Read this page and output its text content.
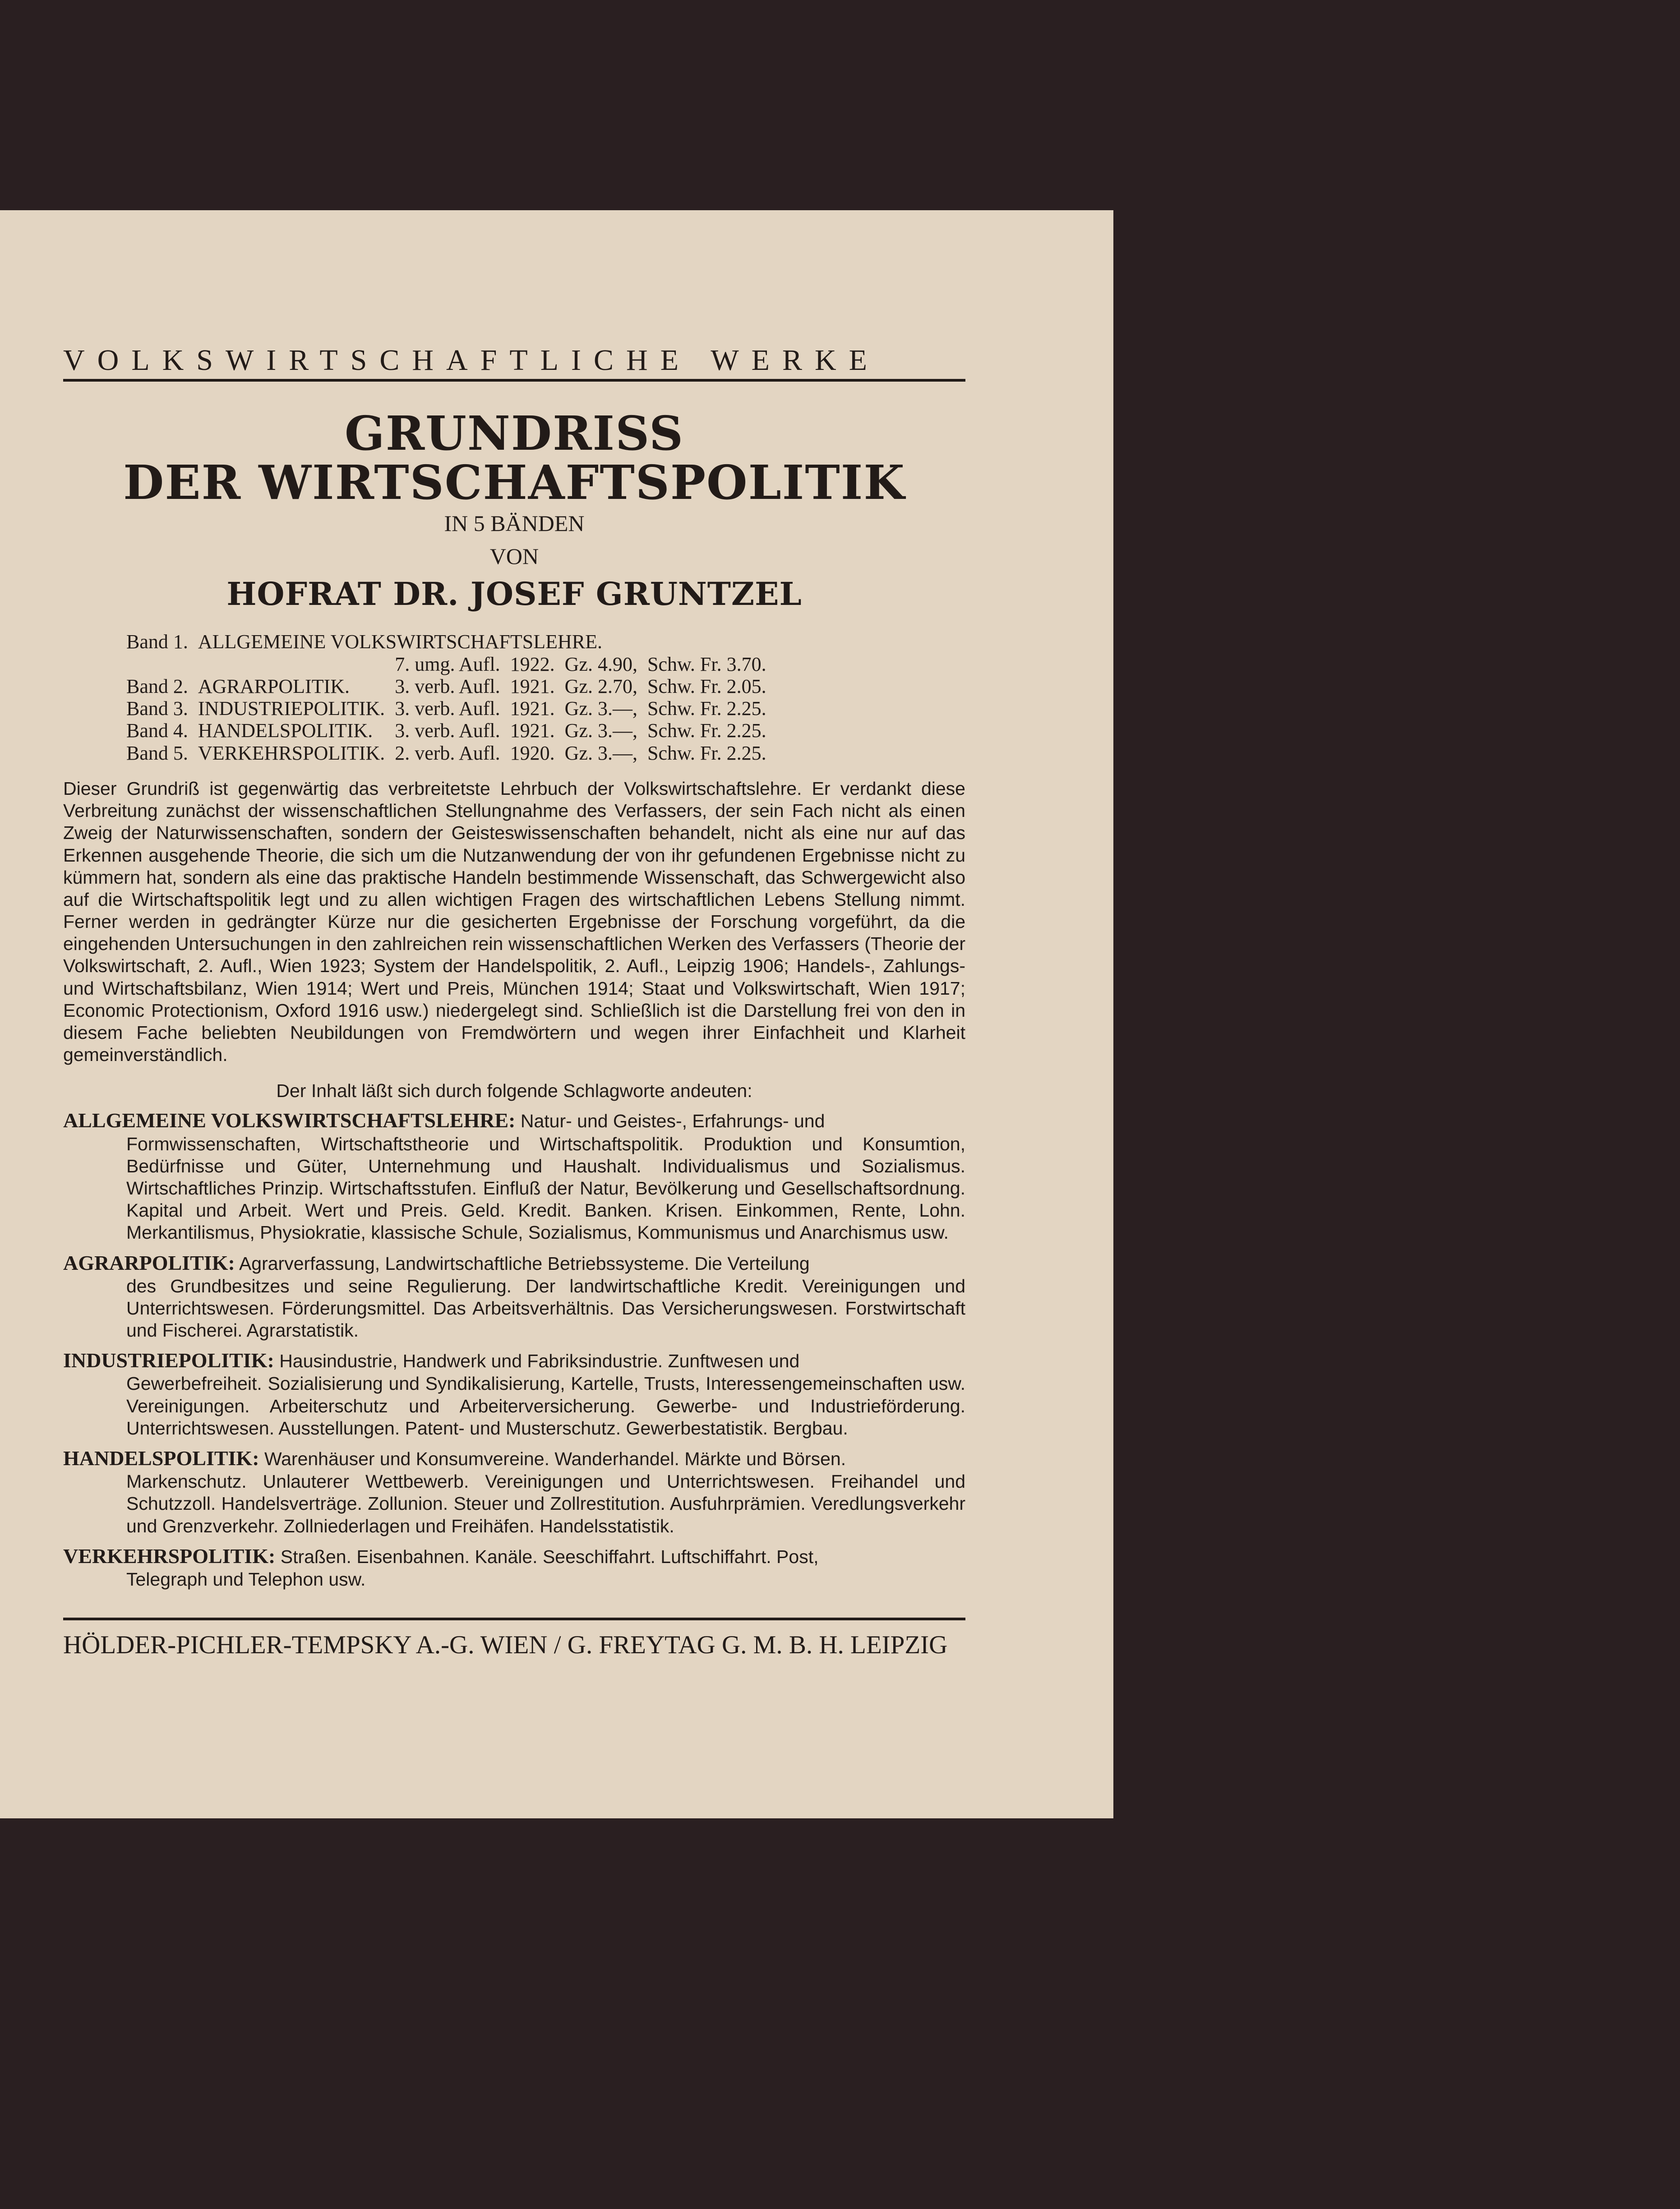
VOLKSWIRTSCHAFTLICHE WERKE
GRUNDRISS
DER WIRTSCHAFTSPOLITIK
IN 5 BÄNDEN
VON
HOFRAT DR. JOSEF GRUNTZEL
Band 1.	ALLGEMEINE VOLKSWIRTSCHAFTSLEHRE.				
		7. umg. Aufl.	1922.	Gz. 4.90,	Schw. Fr. 3.70.
Band 2.	AGRARPOLITIK.	3. verb. Aufl.	1921.	Gz. 2.70,	Schw. Fr. 2.05.
Band 3.	INDUSTRIEPOLITIK.	3. verb. Aufl.	1921.	Gz. 3.—,	Schw. Fr. 2.25.
Band 4.	HANDELSPOLITIK.	3. verb. Aufl.	1921.	Gz. 3.—,	Schw. Fr. 2.25.
Band 5.	VERKEHRSPOLITIK.	2. verb. Aufl.	1920.	Gz. 3.—,	Schw. Fr. 2.25.
Dieser Grundriß ist gegenwärtig das verbreitetste Lehrbuch der Volkswirtschaftslehre. Er verdankt diese Verbreitung zunächst der wissenschaftlichen Stellungnahme des Verfassers, der sein Fach nicht als einen Zweig der Naturwissenschaften, sondern der Geisteswissenschaften behandelt, nicht als eine nur auf das Erkennen ausgehende Theorie, die sich um die Nutzanwendung der von ihr gefundenen Ergebnisse nicht zu kümmern hat, sondern als eine das praktische Handeln bestimmende Wissenschaft, das Schwergewicht also auf die Wirtschaftspolitik legt und zu allen wichtigen Fragen des wirtschaftlichen Lebens Stellung nimmt. Ferner werden in gedrängter Kürze nur die gesicherten Ergebnisse der Forschung vorgeführt, da die eingehenden Untersuchungen in den zahlreichen rein wissenschaftlichen Werken des Verfassers (Theorie der Volkswirtschaft, 2. Aufl., Wien 1923; System der Handelspolitik, 2. Aufl., Leipzig 1906; Handels-, Zahlungs- und Wirtschaftsbilanz, Wien 1914; Wert und Preis, München 1914; Staat und Volkswirtschaft, Wien 1917; Economic Protectionism, Oxford 1916 usw.) niedergelegt sind. Schließlich ist die Darstellung frei von den in diesem Fache beliebten Neubildungen von Fremdwörtern und wegen ihrer Einfachheit und Klarheit gemeinverständlich.
Der Inhalt läßt sich durch folgende Schlagworte andeuten:
ALLGEMEINE VOLKSWIRTSCHAFTSLEHRE: Natur- und Geistes-, Erfahrungs- und
Formwissenschaften, Wirtschaftstheorie und Wirtschaftspolitik. Produktion und Konsumtion, Bedürfnisse und Güter, Unternehmung und Haushalt. Individualismus und Sozialismus. Wirtschaftliches Prinzip. Wirtschaftsstufen. Einfluß der Natur, Bevölkerung und Gesellschaftsordnung. Kapital und Arbeit. Wert und Preis. Geld. Kredit. Banken. Krisen. Einkommen, Rente, Lohn. Merkantilismus, Physiokratie, klassische Schule, Sozialismus, Kommunismus und Anarchismus usw.
AGRARPOLITIK: Agrarverfassung, Landwirtschaftliche Betriebssysteme. Die Verteilung
des Grundbesitzes und seine Regulierung. Der landwirtschaftliche Kredit. Vereinigungen und Unterrichtswesen. Förderungsmittel. Das Arbeitsverhältnis. Das Versicherungswesen. Forstwirtschaft und Fischerei. Agrarstatistik.
INDUSTRIEPOLITIK: Hausindustrie, Handwerk und Fabriksindustrie. Zunftwesen und
Gewerbefreiheit. Sozialisierung und Syndikalisierung, Kartelle, Trusts, Interessengemeinschaften usw. Vereinigungen. Arbeiterschutz und Arbeiterversicherung. Gewerbe- und Industrieförderung. Unterrichtswesen. Ausstellungen. Patent- und Musterschutz. Gewerbestatistik. Bergbau.
HANDELSPOLITIK: Warenhäuser und Konsumvereine. Wanderhandel. Märkte und Börsen.
Markenschutz. Unlauterer Wettbewerb. Vereinigungen und Unterrichtswesen. Freihandel und Schutzzoll. Handelsverträge. Zollunion. Steuer und Zollrestitution. Ausfuhrprämien. Veredlungsverkehr und Grenzverkehr. Zollniederlagen und Freihäfen. Handelsstatistik.
VERKEHRSPOLITIK: Straßen. Eisenbahnen. Kanäle. Seeschiffahrt. Luftschiffahrt. Post,
Telegraph und Telephon usw.
HÖLDER-PICHLER-TEMPSKY A.-G. WIEN / G. FREYTAG G. M. B. H. LEIPZIG
